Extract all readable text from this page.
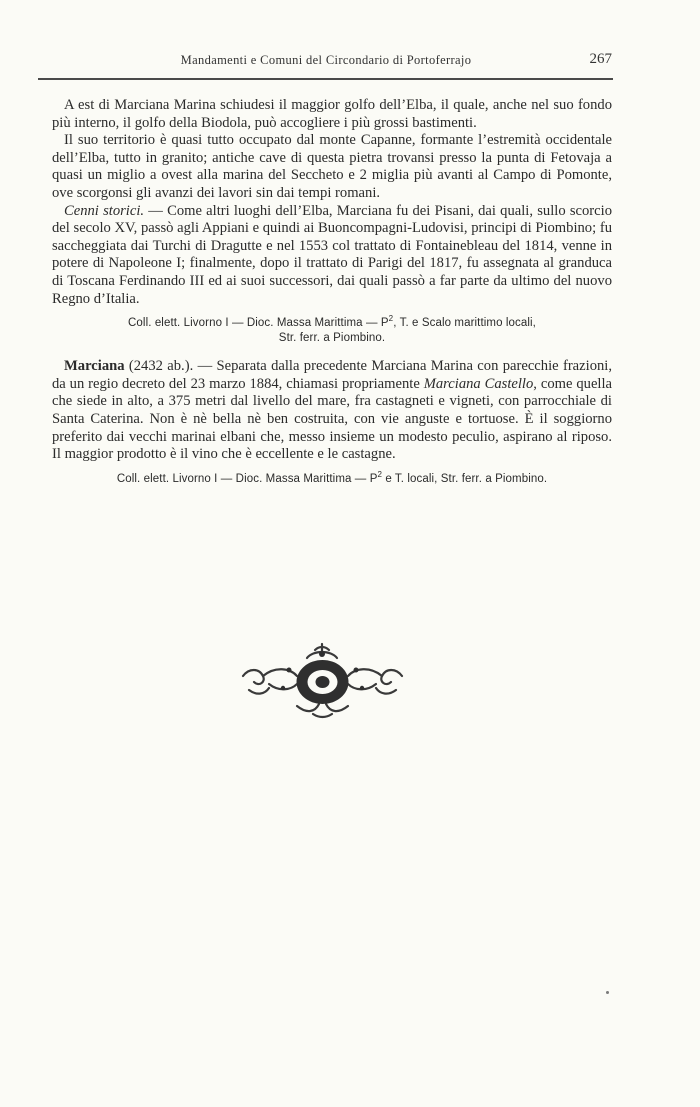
Mandamenti e Comuni del Circondario di Portoferrajo	267

A est di Marciana Marina schiudesi il maggior golfo dell’Elba, il quale, anche nel suo fondo più interno, il golfo della Biodola, può accogliere i più grossi bastimenti.

Il suo territorio è quasi tutto occupato dal monte Capanne, formante l’estremità occidentale dell’Elba, tutto in granito; antiche cave di questa pietra trovansi presso la punta di Fetovaja a quasi un miglio a ovest alla marina del Seccheto e 2 miglia più avanti al Campo di Pomonte, ove scorgonsi gli avanzi dei lavori sin dai tempi romani.

Cenni storici. — Come altri luoghi dell’Elba, Marciana fu dei Pisani, dai quali, sullo scorcio del secolo XV, passò agli Appiani e quindi ai Buoncompagni-Ludovisi, principi di Piombino; fu saccheggiata dai Turchi di Dragutte e nel 1553 col trattato di Fontainebleau del 1814, venne in potere di Napoleone I; finalmente, dopo il trattato di Parigi del 1817, fu assegnata al granduca di Toscana Ferdinando III ed ai suoi successori, dai quali passò a far parte da ultimo del nuovo Regno d’Italia.

Coll. elett. Livorno I — Dioc. Massa Marittima — $P^2$, T. e Scalo marittimo locali,
Str. ferr. a Piombino.

Marciana (2432 ab.). — Separata dalla precedente Marciana Marina con parecchie frazioni, da un regio decreto del 23 marzo 1884, chiamasi propriamente Marciana Castello, come quella che siede in alto, a 375 metri dal livello del mare, fra castagneti e vigneti, con parrocchiale di Santa Caterina. Non è nè bella nè ben costruita, con vie anguste e tortuose. È il soggiorno preferito dai vecchi marinai elbani che, messo insieme un modesto peculio, aspirano al riposo. Il maggior prodotto è il vino che è eccellente e le castagne.

Coll. elett. Livorno I — Dioc. Massa Marittima — $P^2$ e T. locali, Str. ferr. a Piombino.
